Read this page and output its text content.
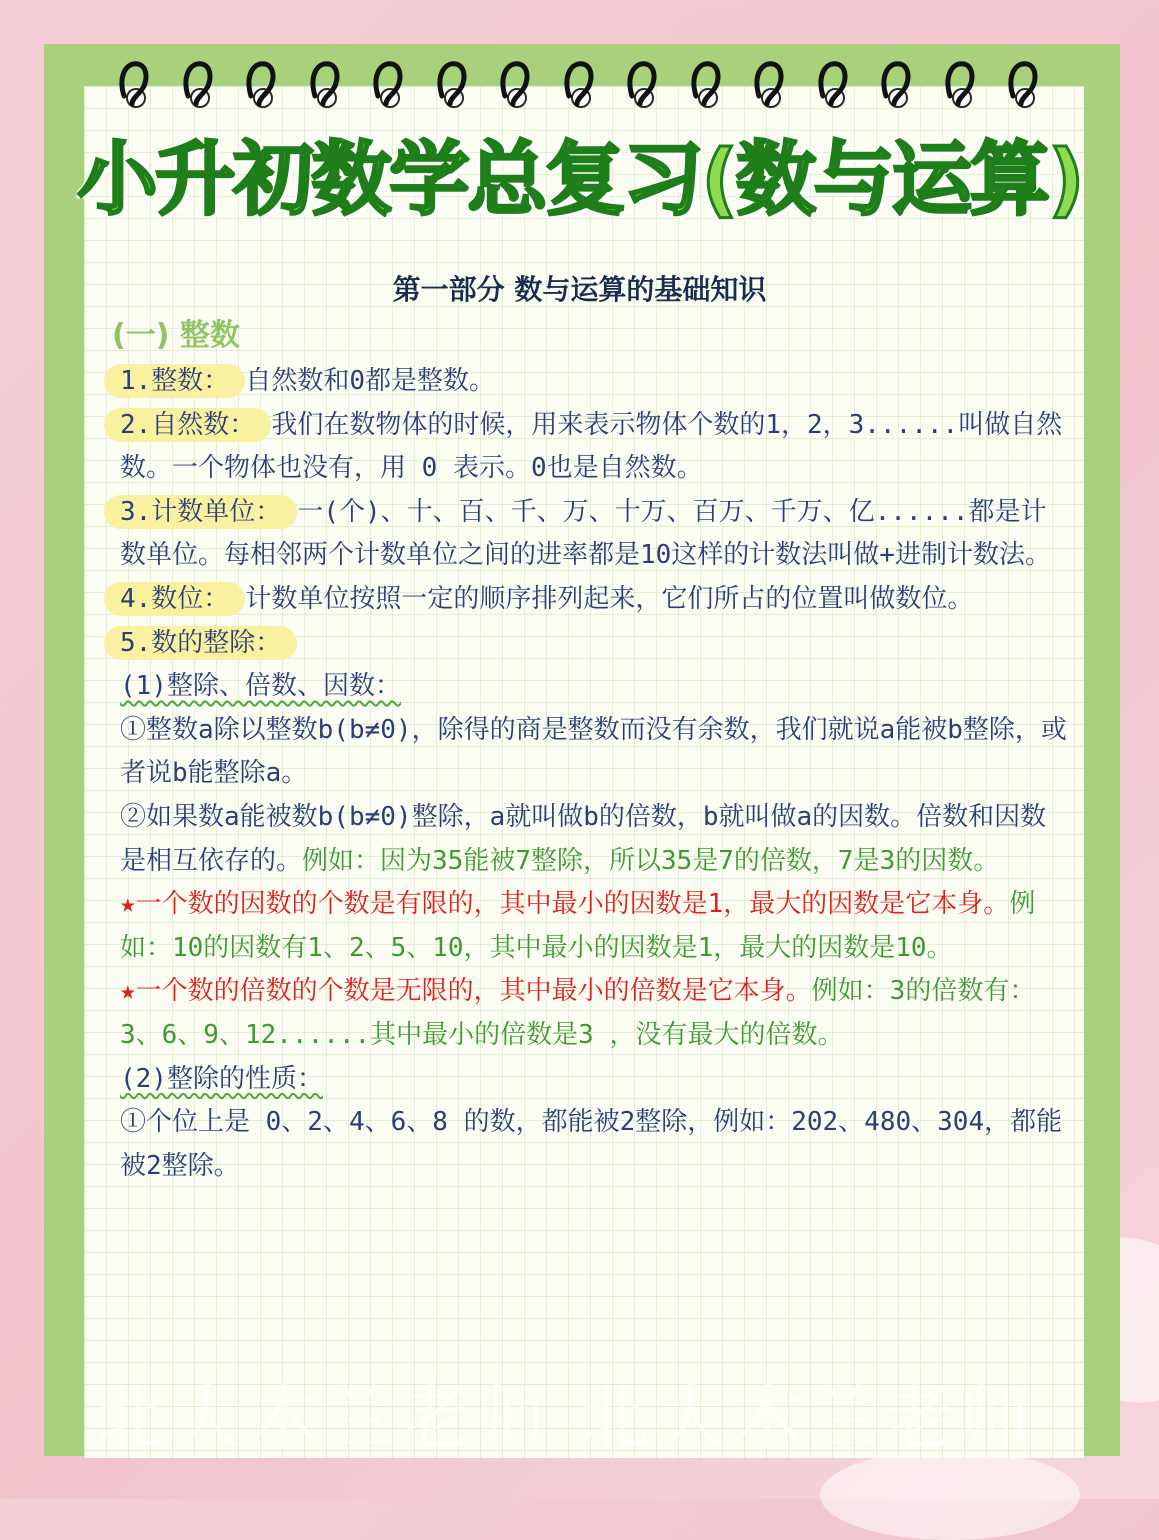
小升初数学总复习(数与运算)
第一部分 数与运算的基础知识
(一) 整数
1.整数： 自然数和0都是整数。
2.自然数： 我们在数物体的时候，用来表示物体个数的1，2，3......叫做自然数。一个物体也没有，用 0 表示。0也是自然数。
3.计数单位： 一(个)、十、百、千、万、十万、百万、千万、亿......都是计数单位。每相邻两个计数单位之间的进率都是10这样的计数法叫做+进制计数法。
4.数位： 计数单位按照一定的顺序排列起来，它们所占的位置叫做数位。
5.数的整除：
(1)整除、倍数、因数：
①整数a除以整数b(b≠0)，除得的商是整数而没有余数，我们就说a能被b整除，或者说b能整除a。
②如果数a能被数b(b≠0)整除，a就叫做b的倍数，b就叫做a的因数。倍数和因数是相互依存的。例如：因为35能被7整除，所以35是7的倍数，7是3的因数。
★一个数的因数的个数是有限的，其中最小的因数是1，最大的因数是它本身。例如：10的因数有1、2、5、10，其中最小的因数是1，最大的因数是10。
★一个数的倍数的个数是无限的，其中最小的倍数是它本身。例如：3的倍数有：3、6、9、12......其中最小的倍数是3 ，没有最大的倍数。
(2)整除的性质：
①个位上是 0、2、4、6、8 的数，都能被2整除，例如：202、480、304，都能被2整除。
北大木兰老师 北大木兰老师
